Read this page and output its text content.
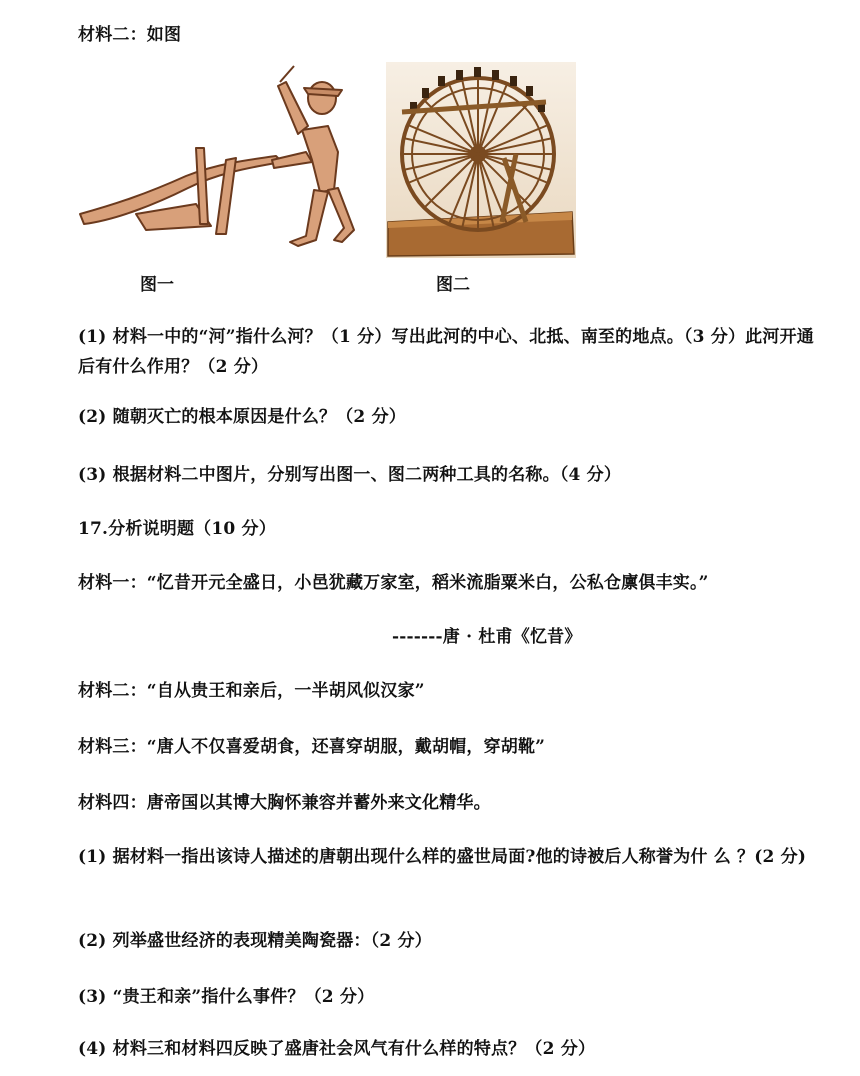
材料二：如图
图一	图二
(1) 材料一中的“河”指什么河？（1 分）写出此河的中心、北抵、南至的地点。（3 分）此河开通后有什么作用？（2 分）
(2) 随朝灭亡的根本原因是什么？（2 分）
(3) 根据材料二中图片，分别写出图一、图二两种工具的名称。（4 分）
17.分析说明题（10 分）
材料一：“忆昔开元全盛日，小邑犹藏万家室，稻米流脂粟米白，公私仓廪俱丰实。”
-------唐 · 杜甫《忆昔》
材料二：“自从贵王和亲后，一半胡风似汉家”
材料三：“唐人不仅喜爱胡食，还喜穿胡服，戴胡帽，穿胡靴”
材料四：唐帝国以其博大胸怀兼容并蓄外来文化精华。
(1) 据材料一指出该诗人描述的唐朝出现什么样的盛世局面?他的诗被后人称誉为什 么 ？(2 分)
(2) 列举盛世经济的表现精美陶瓷器：（2 分）
(3) “贵王和亲”指什么事件？（2 分）
(4) 材料三和材料四反映了盛唐社会风气有什么样的特点？（2 分）
